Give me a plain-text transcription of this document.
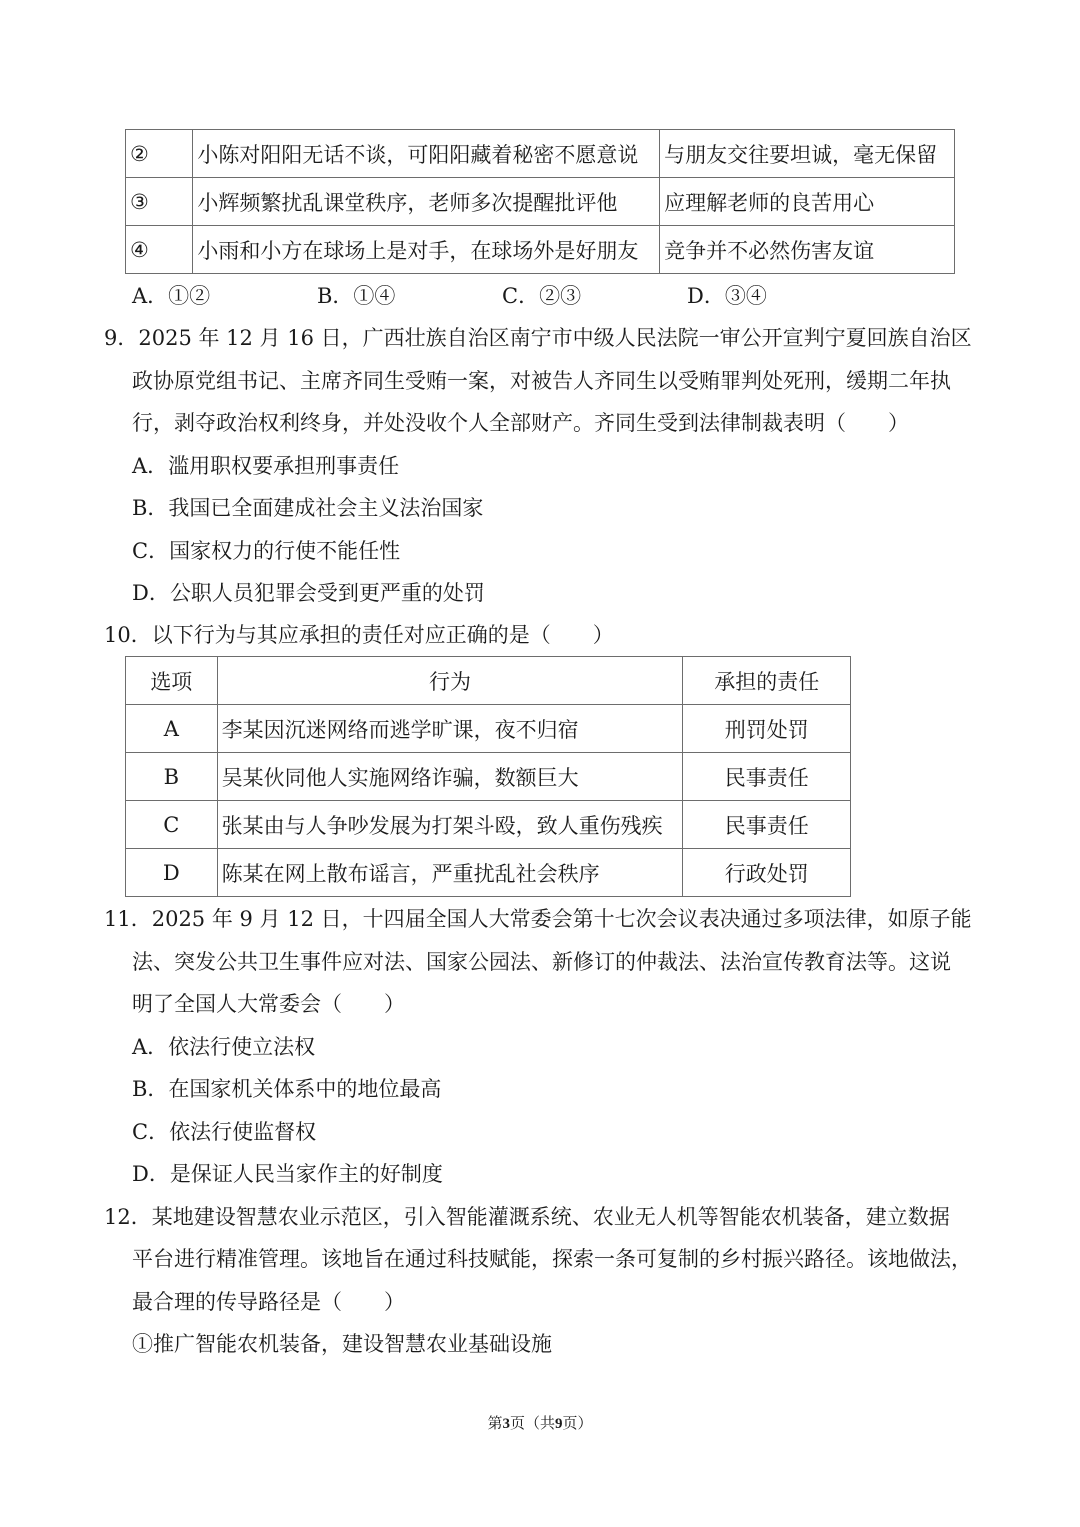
②	小陈对阳阳无话不谈，可阳阳藏着秘密不愿意说	与朋友交往要坦诚，毫无保留
③	小辉频繁扰乱课堂秩序，老师多次提醒批评他	应理解老师的良苦用心
④	小雨和小方在球场上是对手，在球场外是好朋友	竞争并不必然伤害友谊
A．①②	B．①④	C．②③	D．③④
9．2025 年 12 月 16 日，广西壮族自治区南宁市中级人民法院一审公开宣判宁夏回族自治区
政协原党组书记、主席齐同生受贿一案，对被告人齐同生以受贿罪判处死刑，缓期二年执
行，剥夺政治权利终身，并处没收个人全部财产。齐同生受到法律制裁表明（　　）
A．滥用职权要承担刑事责任
B．我国已全面建成社会主义法治国家
C．国家权力的行使不能任性
D．公职人员犯罪会受到更严重的处罚
10．以下行为与其应承担的责任对应正确的是（　　）
选项	行为	承担的责任
A	李某因沉迷网络而逃学旷课，夜不归宿	刑罚处罚
B	吴某伙同他人实施网络诈骗，数额巨大	民事责任
C	张某由与人争吵发展为打架斗殴，致人重伤残疾	民事责任
D	陈某在网上散布谣言，严重扰乱社会秩序	行政处罚
11．2025 年 9 月 12 日，十四届全国人大常委会第十七次会议表决通过多项法律，如原子能
法、突发公共卫生事件应对法、国家公园法、新修订的仲裁法、法治宣传教育法等。这说
明了全国人大常委会（　　）
A．依法行使立法权
B．在国家机关体系中的地位最高
C．依法行使监督权
D．是保证人民当家作主的好制度
12．某地建设智慧农业示范区，引入智能灌溉系统、农业无人机等智能农机装备，建立数据
平台进行精准管理。该地旨在通过科技赋能，探索一条可复制的乡村振兴路径。该地做法，
最合理的传导路径是（　　）
①推广智能农机装备，建设智慧农业基础设施
第3页（共9页）
